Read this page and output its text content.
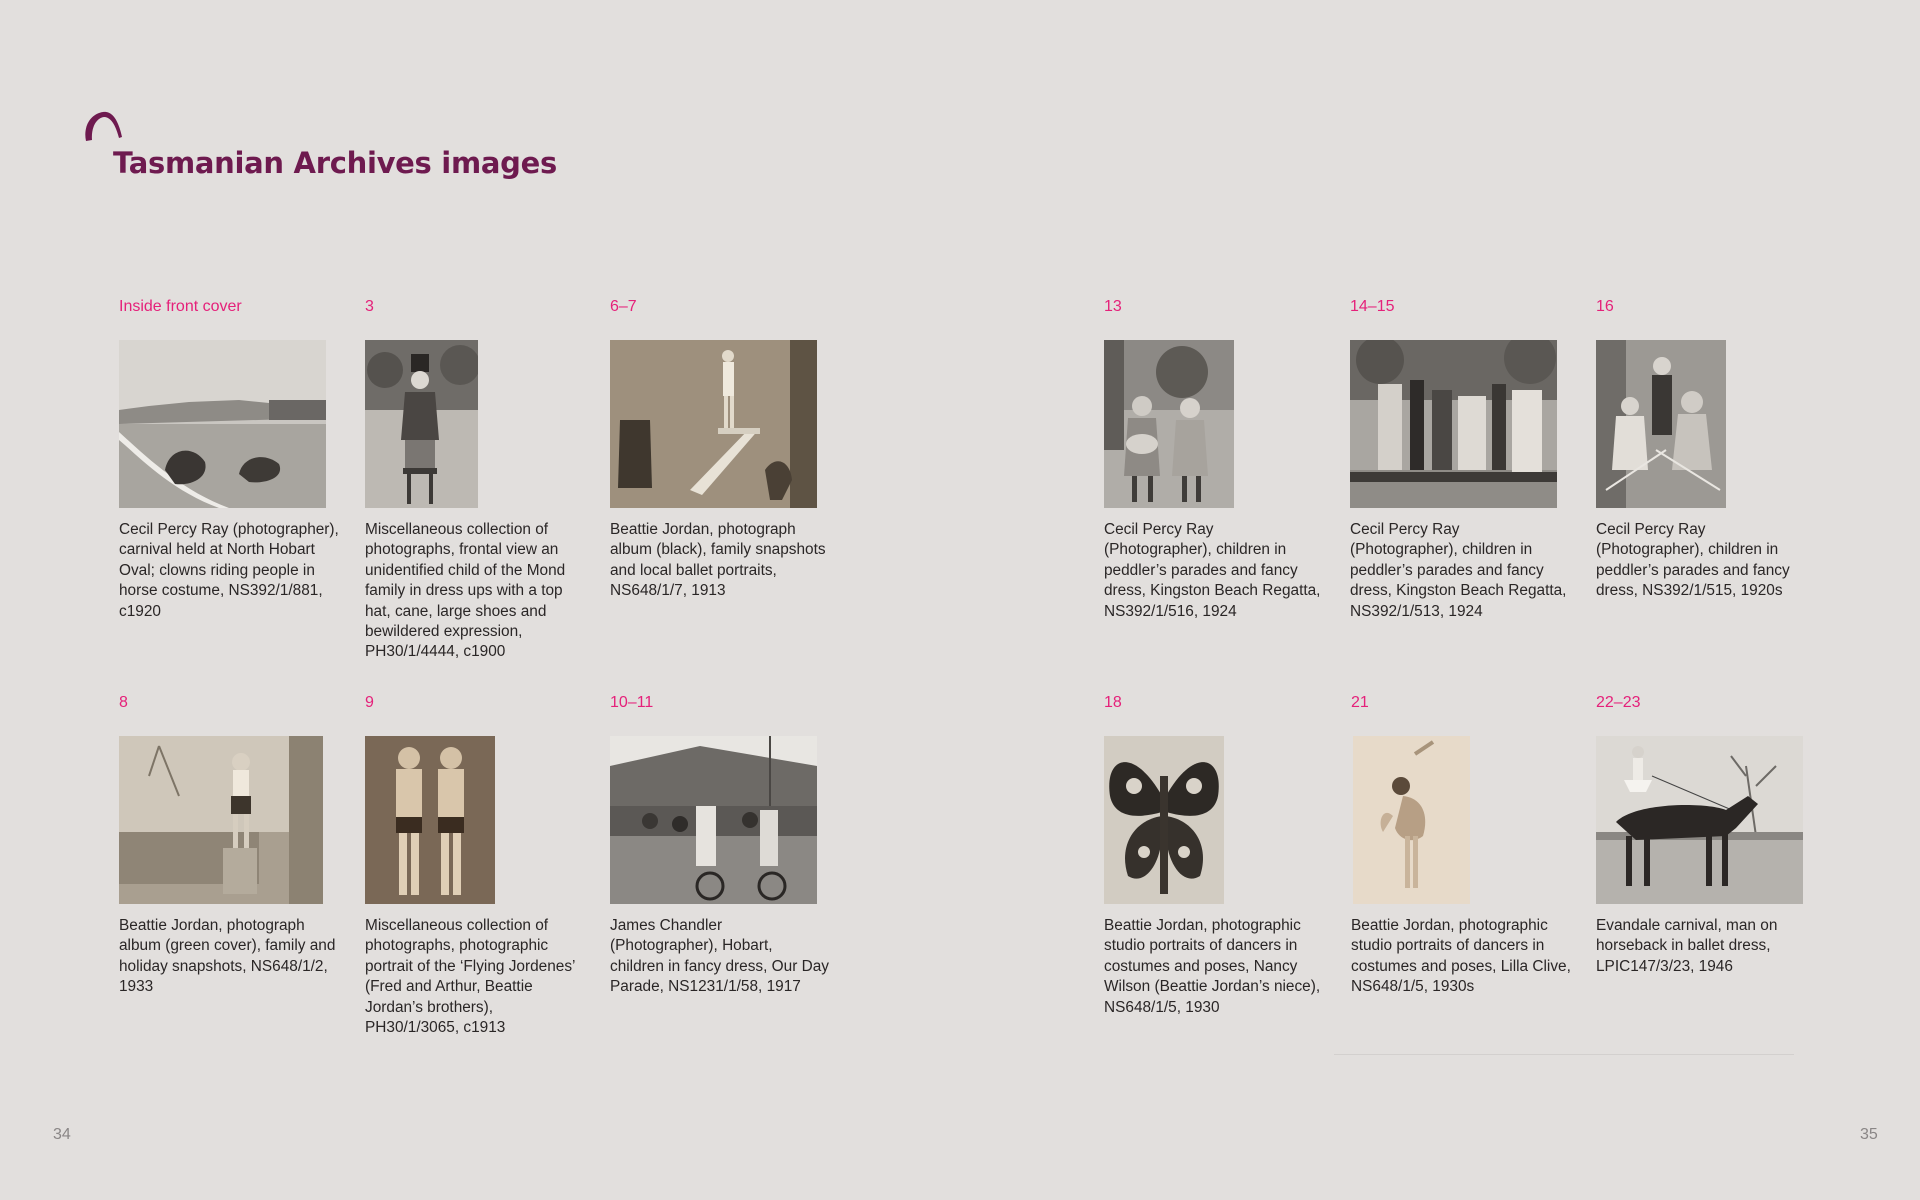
Tasmanian Archives images
Inside front cover
Cecil Percy Ray (photographer), carnival held at North Hobart Oval; clowns riding people in horse costume, NS392/1/881, c1920
3
Miscellaneous collection of photographs, frontal view an unidentified child of the Mond family in dress ups with a top hat, cane, large shoes and bewildered expression, PH30/1/4444, c1900
6–7
Beattie Jordan, photograph album (black), family snapshots and local ballet portraits, NS648/1/7, 1913
8
Beattie Jordan, photograph album (green cover), family and holiday snapshots, NS648/1/2, 1933
9
Miscellaneous collection of photographs, photographic portrait of the ‘Flying Jordenes’ (Fred and Arthur, Beattie Jordan’s brothers), PH30/1/3065, c1913
10–11
James Chandler (Photographer), Hobart, children in fancy dress, Our Day Parade, NS1231/1/58, 1917
13
Cecil Percy Ray (Photographer), children in peddler’s parades and fancy dress, Kingston Beach Regatta, NS392/1/516, 1924
14–15
Cecil Percy Ray (Photographer), children in peddler’s parades and fancy dress, Kingston Beach Regatta, NS392/1/513, 1924
16
Cecil Percy Ray (Photographer), children in peddler’s parades and fancy dress, NS392/1/515, 1920s
18
Beattie Jordan, photographic studio portraits of dancers in costumes and poses, Nancy Wilson (Beattie Jordan’s niece), NS648/1/5, 1930
21
Beattie Jordan, photographic studio portraits of dancers in costumes and poses, Lilla Clive, NS648/1/5, 1930s
22–23
Evandale carnival, man on horseback in ballet dress, LPIC147/3/23, 1946
34	35
